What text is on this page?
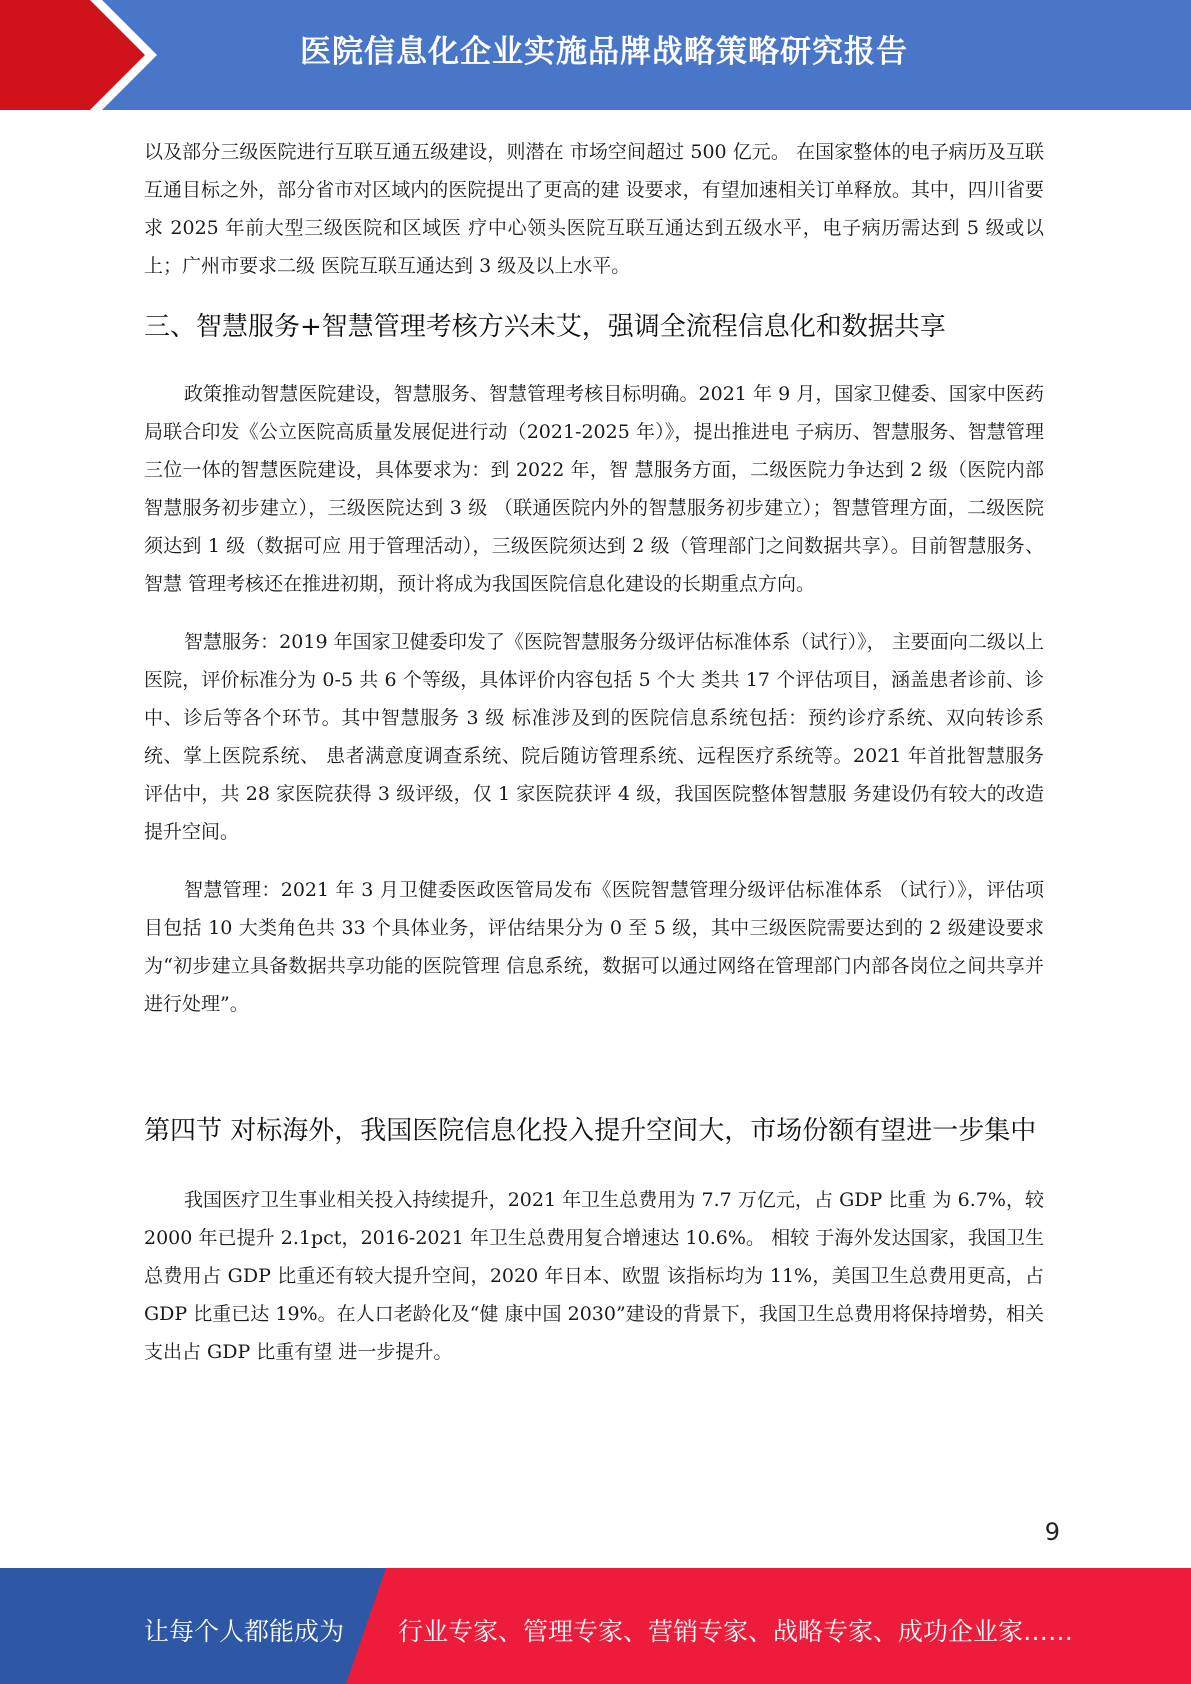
医院信息化企业实施品牌战略策略研究报告

以及部分三级医院进行互联互通五级建设，则潜在 市场空间超过 500 亿元。 在国家整体的电子病历及互联互通目标之外，部分省市对区域内的医院提出了更高的建 设要求，有望加速相关订单释放。其中，四川省要求 2025 年前大型三级医院和区域医 疗中心领头医院互联互通达到五级水平，电子病历需达到 5 级或以上；广州市要求二级 医院互联互通达到 3 级及以上水平。

三、智慧服务+智慧管理考核方兴未艾，强调全流程信息化和数据共享

政策推动智慧医院建设，智慧服务、智慧管理考核目标明确。2021 年 9 月，国家卫健委、国家中医药局联合印发《公立医院高质量发展促进行动（2021-2025 年）》，提出推进电 子病历、智慧服务、智慧管理三位一体的智慧医院建设，具体要求为：到 2022 年，智 慧服务方面，二级医院力争达到 2 级（医院内部智慧服务初步建立），三级医院达到 3 级 （联通医院内外的智慧服务初步建立）；智慧管理方面，二级医院须达到 1 级（数据可应 用于管理活动），三级医院须达到 2 级（管理部门之间数据共享）。目前智慧服务、智慧 管理考核还在推进初期，预计将成为我国医院信息化建设的长期重点方向。

智慧服务：2019 年国家卫健委印发了《医院智慧服务分级评估标准体系（试行）》， 主要面向二级以上医院，评价标准分为 0-5 共 6 个等级，具体评价内容包括 5 个大 类共 17 个评估项目，涵盖患者诊前、诊中、诊后等各个环节。其中智慧服务 3 级 标准涉及到的医院信息系统包括：预约诊疗系统、双向转诊系统、掌上医院系统、 患者满意度调查系统、院后随访管理系统、远程医疗系统等。2021 年首批智慧服务 评估中，共 28 家医院获得 3 级评级，仅 1 家医院获评 4 级，我国医院整体智慧服 务建设仍有较大的改造提升空间。

智慧管理：2021 年 3 月卫健委医政医管局发布《医院智慧管理分级评估标准体系 （试行）》，评估项目包括 10 大类角色共 33 个具体业务，评估结果分为 0 至 5 级，其中三级医院需要达到的 2 级建设要求为“初步建立具备数据共享功能的医院管理 信息系统，数据可以通过网络在管理部门内部各岗位之间共享并进行处理”。

第四节 对标海外，我国医院信息化投入提升空间大，市场份额有望进一步集中

我国医疗卫生事业相关投入持续提升，2021 年卫生总费用为 7.7 万亿元，占 GDP 比重 为 6.7%，较 2000 年已提升 2.1pct，2016-2021 年卫生总费用复合增速达 10.6%。 相较 于海外发达国家，我国卫生总费用占 GDP 比重还有较大提升空间，2020 年日本、欧盟 该指标均为 11%，美国卫生总费用更高，占 GDP 比重已达 19%。在人口老龄化及“健 康中国 2030”建设的背景下，我国卫生总费用将保持增势，相关支出占 GDP 比重有望 进一步提升。

9
让每个人都能成为 行业专家、管理专家、营销专家、战略专家、成功企业家……
